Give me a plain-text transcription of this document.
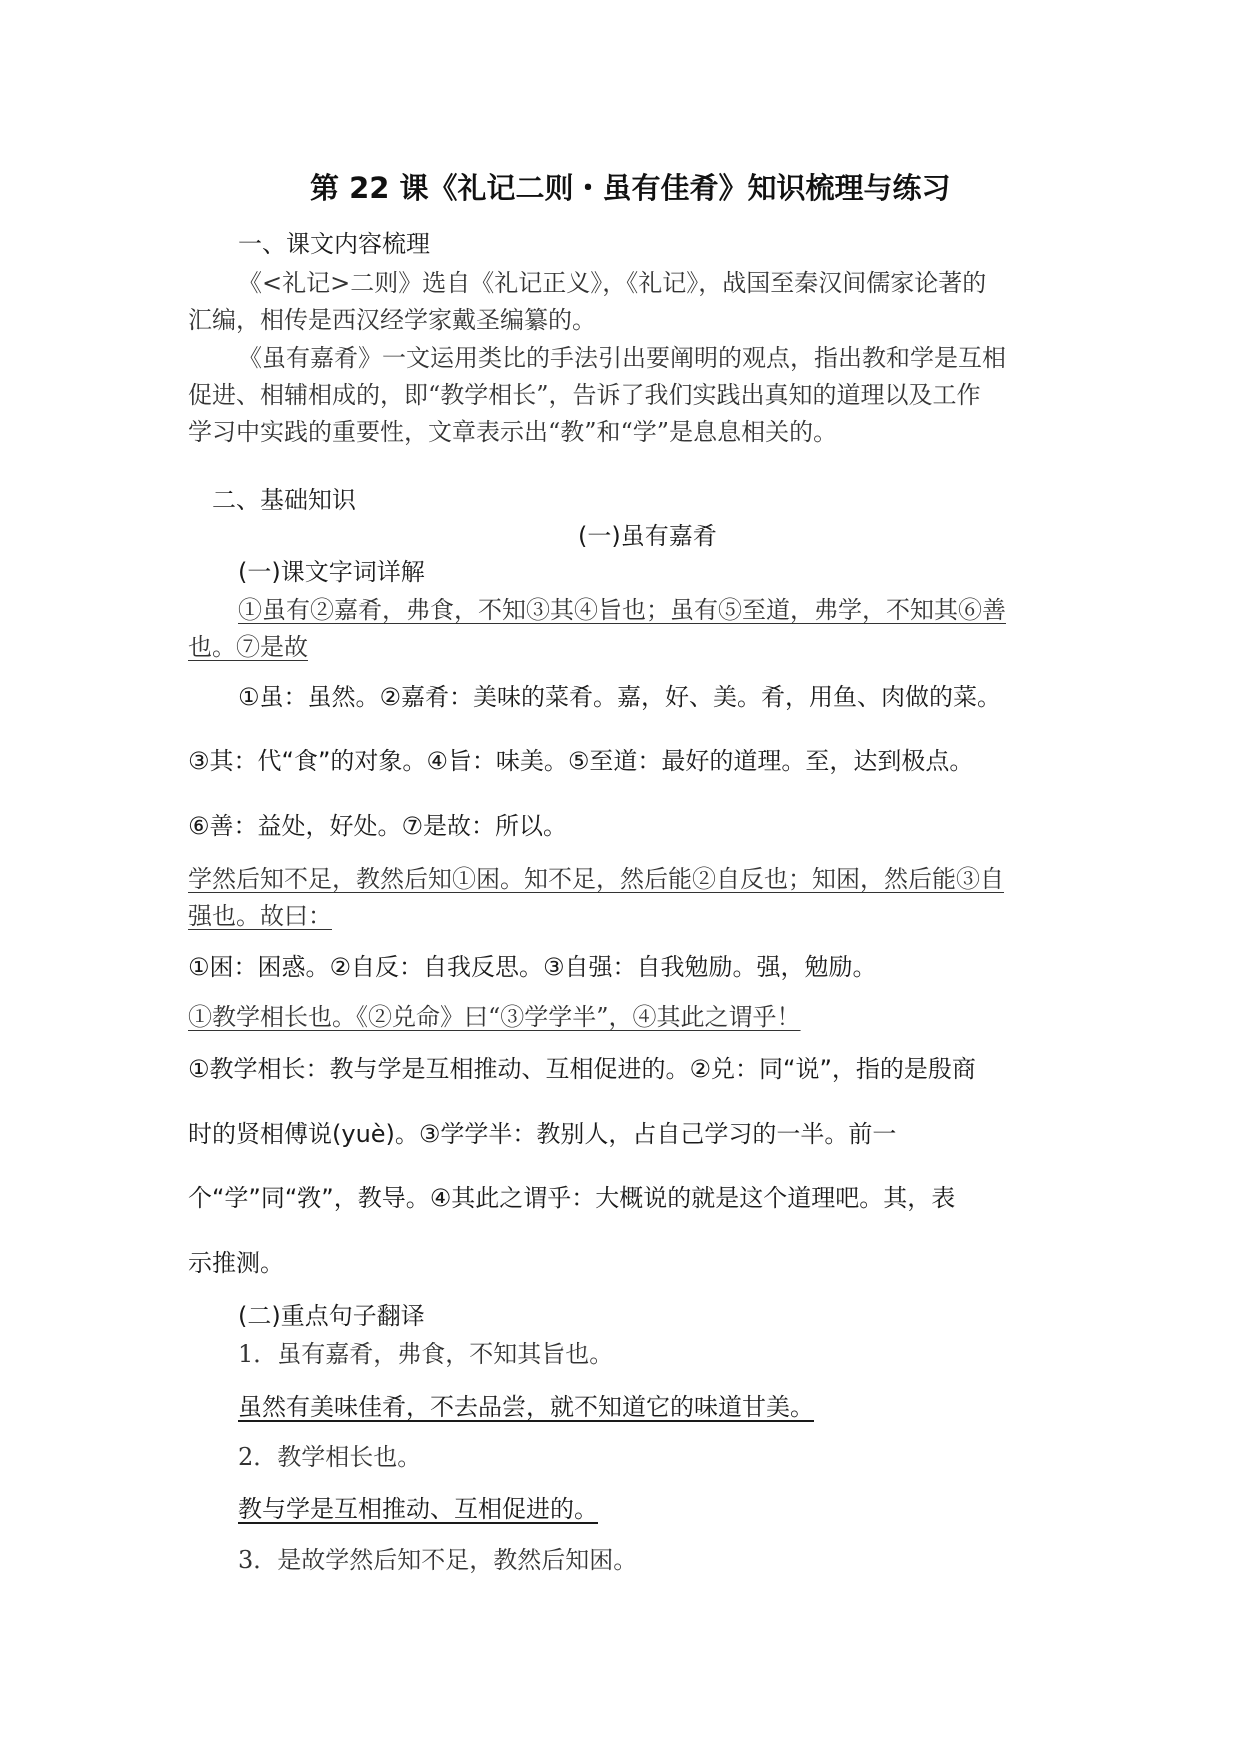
第 22 课《礼记二则・虽有佳肴》知识梳理与练习
一、课文内容梳理
《<礼记>二则》选自《礼记正义》，《礼记》，战国至秦汉间儒家论著的
汇编，相传是西汉经学家戴圣编纂的。
《虽有嘉肴》一文运用类比的手法引出要阐明的观点，指出教和学是互相
促进、相辅相成的，即“教学相长”，告诉了我们实践出真知的道理以及工作
学习中实践的重要性，文章表示出“教”和“学”是息息相关的。
二、基础知识
(一)虽有嘉肴
(一)课文字词详解
①虽有②嘉肴，弗食，不知③其④旨也；虽有⑤至道，弗学，不知其⑥善
也。⑦是故
①虽：虽然。②嘉肴：美味的菜肴。嘉，好、美。肴，用鱼、肉做的菜。
③其：代“食”的对象。④旨：味美。⑤至道：最好的道理。至，达到极点。
⑥善：益处，好处。⑦是故：所以。
学然后知不足，教然后知①困。知不足，然后能②自反也；知困，然后能③自
强也。故曰：
①困：困惑。②自反：自我反思。③自强：自我勉励。强，勉励。
①教学相长也。《②兑命》曰“③学学半”，④其此之谓乎！
①教学相长：教与学是互相推动、互相促进的。②兑：同“说”，指的是殷商
时的贤相傅说(yuè)。③学学半：教别人，占自己学习的一半。前一
个“学”同“敩”，教导。④其此之谓乎：大概说的就是这个道理吧。其，表
示推测。
(二)重点句子翻译
1．虽有嘉肴，弗食，不知其旨也。
虽然有美味佳肴，不去品尝，就不知道它的味道甘美。
2．教学相长也。
教与学是互相推动、互相促进的。
3．是故学然后知不足，教然后知困。
